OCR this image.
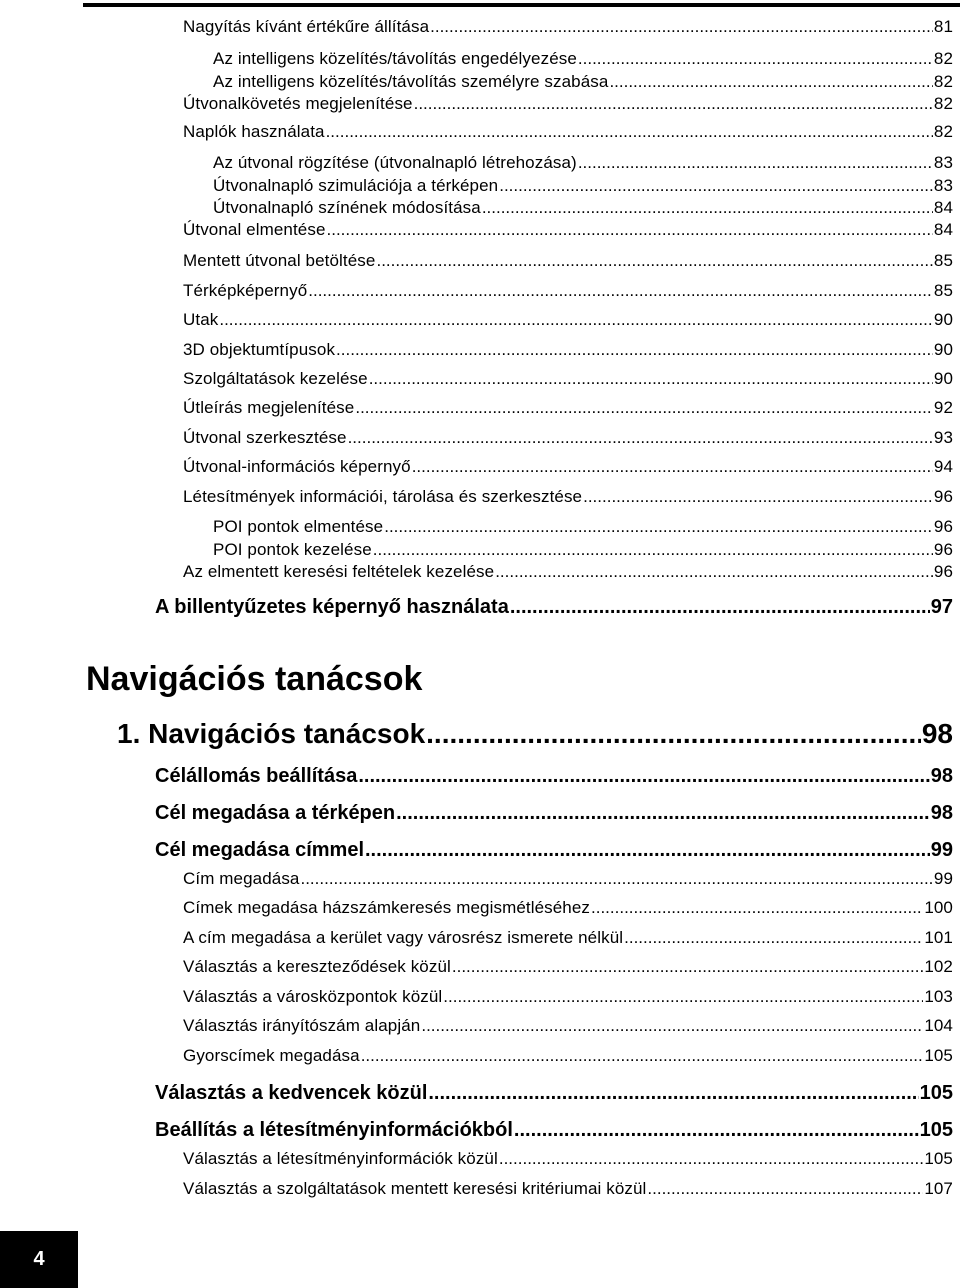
Nagyítás kívánt értékűre állítása .....	81
Az intelligens közelítés/távolítás engedélyezése .....	82
Az intelligens közelítés/távolítás személyre szabása .....	82
Útvonalkövetés megjelenítése .....	82
Naplók használata .....	82
Az útvonal rögzítése (útvonalnapló létrehozása) .....	83
Útvonalnapló szimulációja a térképen .....	83
Útvonalnapló színének módosítása .....	84
Útvonal elmentése .....	84
Mentett útvonal betöltése .....	85
Térképképernyő .....	85
Utak .....	90
3D objektumtípusok .....	90
Szolgáltatások kezelése .....	90
Útleírás megjelenítése .....	92
Útvonal szerkesztése .....	93
Útvonal-információs képernyő .....	94
Létesítmények információi, tárolása és szerkesztése .....	96
POI pontok elmentése .....	96
POI pontok kezelése .....	96
Az elmentett keresési feltételek kezelése .....	96
A billentyűzetes képernyő használata .....	97
Navigációs tanácsok
1. Navigációs tanácsok .....	98
Célállomás beállítása .....	98
Cél megadása a térképen .....	98
Cél megadása címmel .....	99
Cím megadása .....	99
Címek megadása házszámkeresés megismétléséhez .....	100
A cím megadása a kerület vagy városrész ismerete nélkül .....	101
Választás a kereszteződések közül .....	102
Választás a városközpontok közül .....	103
Választás irányítószám alapján .....	104
Gyorscímek megadása .....	105
Választás a kedvencek közül .....	105
Beállítás a létesítményinformációkból .....	105
Választás a létesítményinformációk közül .....	105
Választás a szolgáltatások mentett keresési kritériumai közül .....	107
4
